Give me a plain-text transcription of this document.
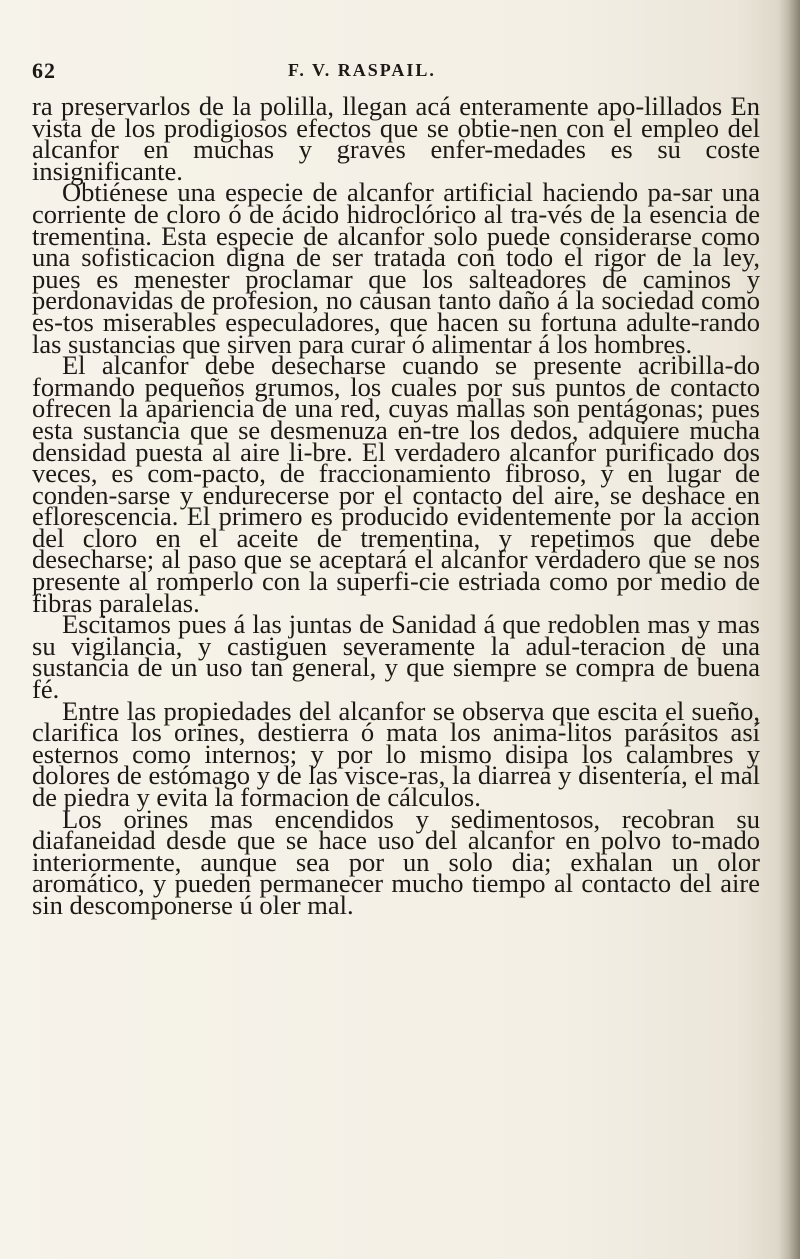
62	F. V. RASPAIL.

ra preservarlos de la polilla, llegan acá enteramente apo-lillados En vista de los prodigiosos efectos que se obtie-nen con el empleo del alcanfor en muchas y graves enfer-medades es su coste insignificante.

Obtiénese una especie de alcanfor artificial haciendo pa-sar una corriente de cloro ó de ácido hidroclórico al tra-vés de la esencia de trementina. Esta especie de alcanfor solo puede considerarse como una sofisticacion digna de ser tratada con todo el rigor de la ley, pues es menester proclamar que los salteadores de caminos y perdonavidas de profesion, no causan tanto daño á la sociedad como es-tos miserables especuladores, que hacen su fortuna adulte-rando las sustancias que sirven para curar ó alimentar á los hombres.

El alcanfor debe desecharse cuando se presente acribilla-do formando pequeños grumos, los cuales por sus puntos de contacto ofrecen la apariencia de una red, cuyas mallas son pentágonas; pues esta sustancia que se desmenuza en-tre los dedos, adquiere mucha densidad puesta al aire li-bre. El verdadero alcanfor purificado dos veces, es com-pacto, de fraccionamiento fibroso, y en lugar de conden-sarse y endurecerse por el contacto del aire, se deshace en eflorescencia. El primero es producido evidentemente por la accion del cloro en el aceite de trementina, y repetimos que debe desecharse; al paso que se aceptará el alcanfor verdadero que se nos presente al romperlo con la superfi-cie estriada como por medio de fibras paralelas.

Escitamos pues á las juntas de Sanidad á que redoblen mas y mas su vigilancia, y castiguen severamente la adul-teracion de una sustancia de un uso tan general, y que siempre se compra de buena fé.

Entre las propiedades del alcanfor se observa que escita el sueño, clarifica los orines, destierra ó mata los anima-litos parásitos así esternos como internos; y por lo mismo disipa los calambres y dolores de estómago y de las visce-ras, la diarrea y disentería, el mal de piedra y evita la formacion de cálculos.

Los orines mas encendidos y sedimentosos, recobran su diafaneidad desde que se hace uso del alcanfor en polvo to-mado interiormente, aunque sea por un solo dia; exhalan un olor aromático, y pueden permanecer mucho tiempo al contacto del aire sin descomponerse ú oler mal.
